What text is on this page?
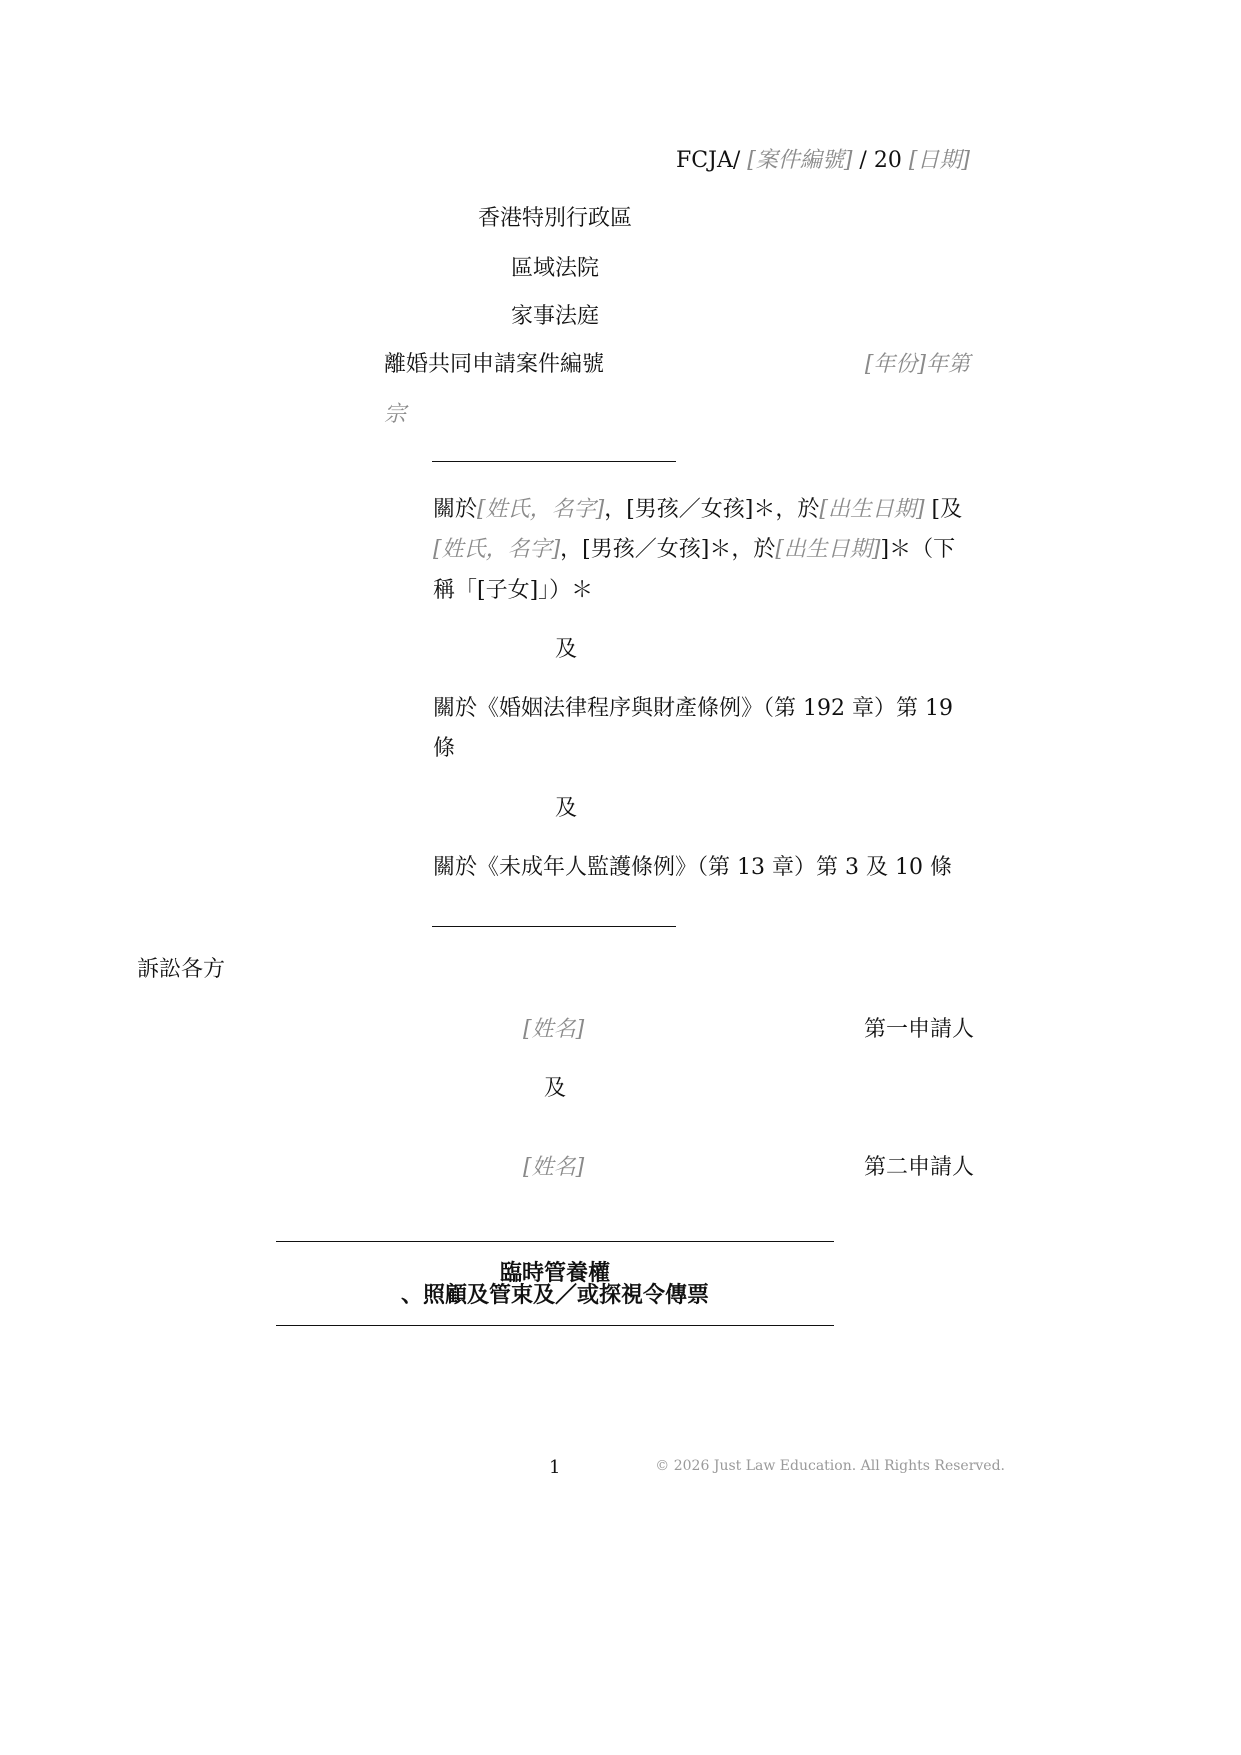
FCJA/ [案件編號] / 20 [日期]
香港特別行政區
區域法院
家事法庭
離婚共同申請案件編號	[年份]年第
宗
關於[姓氏，名字]，[男孩／女孩]＊，於[出生日期] [及
[姓氏，名字]，[男孩／女孩]＊，於[出生日期]]＊（下
稱「[子女]」）＊
及
關於《婚姻法律程序與財產條例》（第 192 章）第 19
條
及
關於《未成年人監護條例》（第 13 章）第 3 及 10 條
訴訟各方
[姓名]	第一申請人
及
[姓名]	第二申請人
臨時管養權
、照顧及管束及／或探視令傳票
1	© 2026 Just Law Education. All Rights Reserved.
